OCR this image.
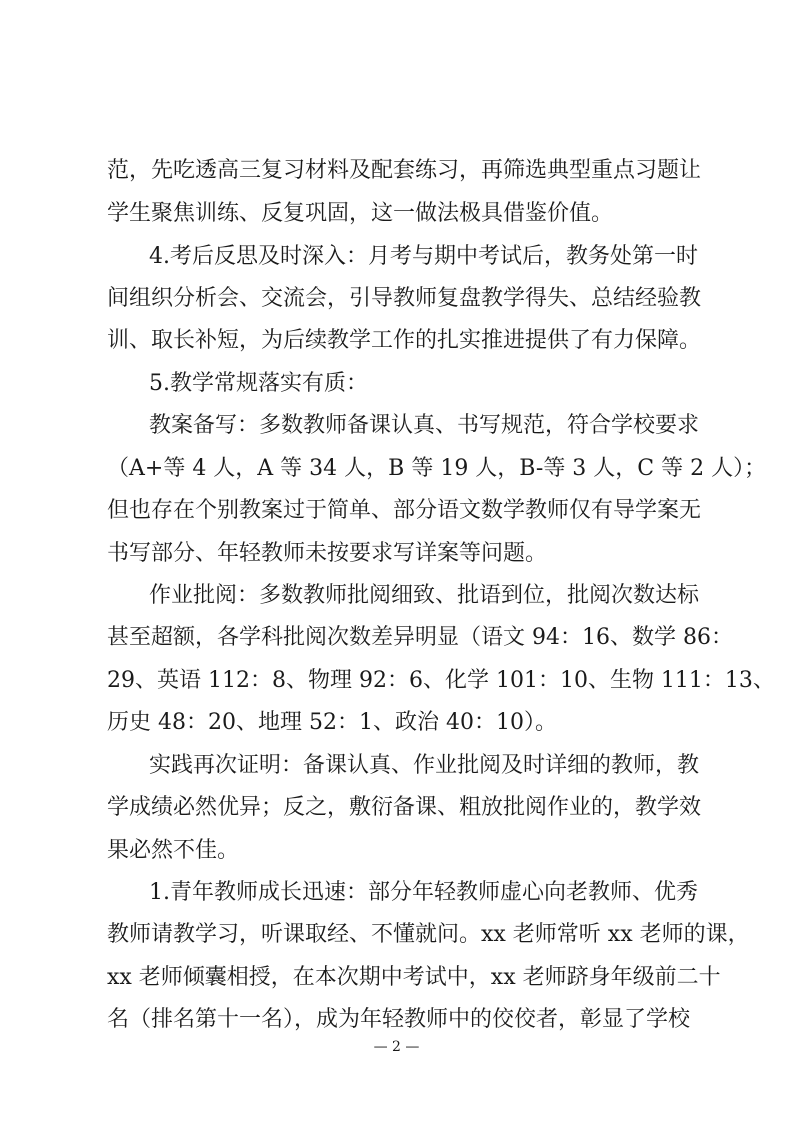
范，先吃透高三复习材料及配套练习，再筛选典型重点习题让
学生聚焦训练、反复巩固，这一做法极具借鉴价值。
4.考后反思及时深入：月考与期中考试后，教务处第一时
间组织分析会、交流会，引导教师复盘教学得失、总结经验教
训、取长补短，为后续教学工作的扎实推进提供了有力保障。
5.教学常规落实有质：
教案备写：多数教师备课认真、书写规范，符合学校要求
（A+等 4 人，A 等 34 人，B 等 19 人，B-等 3 人，C 等 2 人）；
但也存在个别教案过于简单、部分语文数学教师仅有导学案无
书写部分、年轻教师未按要求写详案等问题。
作业批阅：多数教师批阅细致、批语到位，批阅次数达标
甚至超额，各学科批阅次数差异明显（语文 94：16、数学 86：
29、英语 112：8、物理 92：6、化学 101：10、生物 111：13、
历史 48：20、地理 52：1、政治 40：10）。
实践再次证明：备课认真、作业批阅及时详细的教师，教
学成绩必然优异；反之，敷衍备课、粗放批阅作业的，教学效
果必然不佳。
1.青年教师成长迅速：部分年轻教师虚心向老教师、优秀
教师请教学习，听课取经、不懂就问。xx 老师常听 xx 老师的课，
xx 老师倾囊相授，在本次期中考试中，xx 老师跻身年级前二十
名（排名第十一名），成为年轻教师中的佼佼者，彰显了学校
— 2 —
